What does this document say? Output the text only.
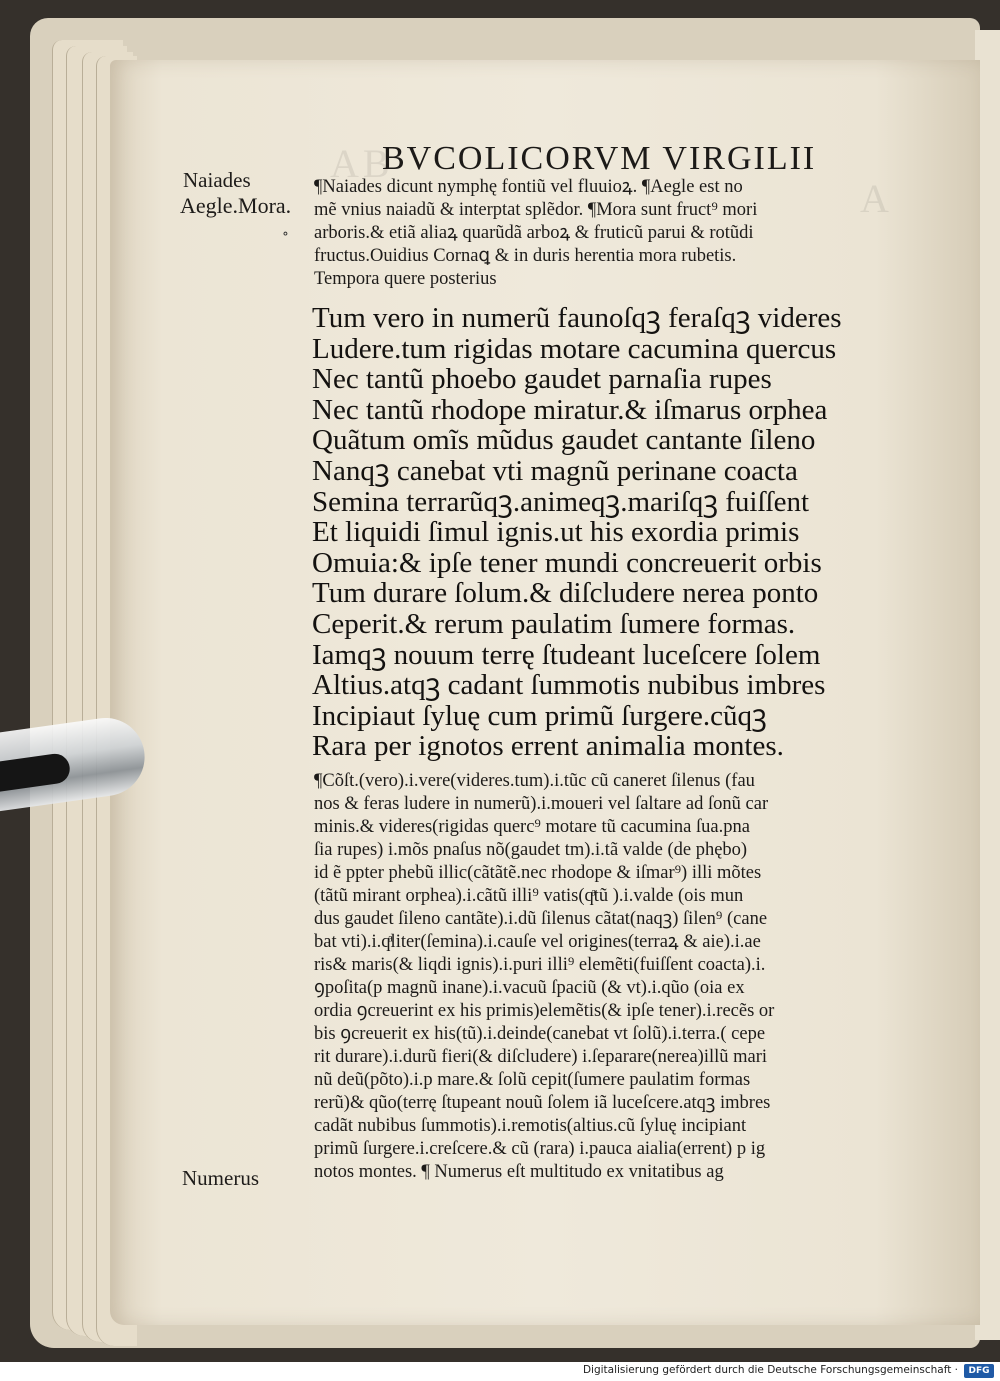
AB
A
BVCOLICORVM VIRGILII
Naiades
Aegle.Mora.
∘
¶Naiades dicunt nymphę fontiũ vel fluuioꝝ. ¶Aegle est no
mẽ vnius naiadũ & interptat splẽdor. ¶Mora sunt fruct⁹ mori
arboris.& etiã aliaꝝ quarũdã arboꝝ & fruticũ parui & rotũdi
fructus.Ouidius Cornaꝗ & in duris herentia mora rubetis.
Tempora quere posterius
Tum vero in numerũ faunoſqꝫ feraſqꝫ videres
Ludere.tum rigidas motare cacumina quercus
Nec tantũ phoebo gaudet parnaſia rupes
Nec tantũ rhodope miratur.& iſmarus orphea
Quãtum omĩs mũdus gaudet cantante ſileno
Nanqꝫ canebat vti magnũ perinane coacta
Semina terrarũqꝫ.animeqꝫ.mariſqꝫ fuiſſent
Et liquidi ſimul ignis.ut his exordia primis
Omuia:& ipſe tener mundi concreuerit orbis
Tum durare ſolum.& diſcludere nerea ponto
Ceperit.& rerum paulatim ſumere formas.
Iamqꝫ nouum terrę ſtudeant luceſcere ſolem
Altius.atqꝫ cadant ſummotis nubibus imbres
Incipiaut ſyluę cum primũ ſurgere.cũqꝫ
Rara per ignotos errent animalia montes.
¶Cõſt.(vero).i.vere(videres.tum).i.tũc cũ caneret ſilenus (fau
nos & feras ludere in numerũ).i.moueri vel ſaltare ad ſonũ car
minis.& videres(rigidas querc⁹ motare tũ cacumina ſua.pna
ſia rupes) i.mõs pnaſus nõ(gaudet tm).i.tã valde (de phębo)
id ẽ ppter phebũ illic(cãtãtẽ.nec rhodope & iſmar⁹) illi mõtes
(tãtũ mirant orphea).i.cãtũ illi⁹ vatis(qͣtũ ).i.valde (ois mun
dus gaudet ſileno cantãte).i.dũ ſilenus cãtat(naqꝫ) ſilen⁹ (cane
bat vti).i.qͣliter(ſemina).i.cauſe vel origines(terraꝝ & aie).i.ae
ris& maris(& liqdi ignis).i.puri illi⁹ elemẽti(fuiſſent coacta).i.
ꝯpoſita(p magnũ inane).i.vacuũ ſpaciũ (& vt).i.qũo (oia ex
ordia ꝯcreuerint ex his primis)elemẽtis(& ipſe tener).i.recẽs or
bis ꝯcreuerit ex his(tũ).i.deinde(canebat vt ſolũ).i.terra.( cepe
rit durare).i.durũ fieri(& diſcludere) i.ſeparare(nerea)illũ mari
nũ deũ(põto).i.p mare.& ſolũ cepit(ſumere paulatim formas
rerũ)& qũo(terrę ſtupeant nouũ ſolem iã luceſcere.atqꝫ imbres
cadãt nubibus ſummotis).i.remotis(altius.cũ ſyluę incipiant
primũ ſurgere.i.creſcere.& cũ (rara) i.pauca aialia(errent) p ig
notos montes. ¶ Numerus eſt multitudo ex vnitatibus ag
Numerus
Digitalisierung gefördert durch die Deutsche Forschungsgemeinschaft ·	DFG
